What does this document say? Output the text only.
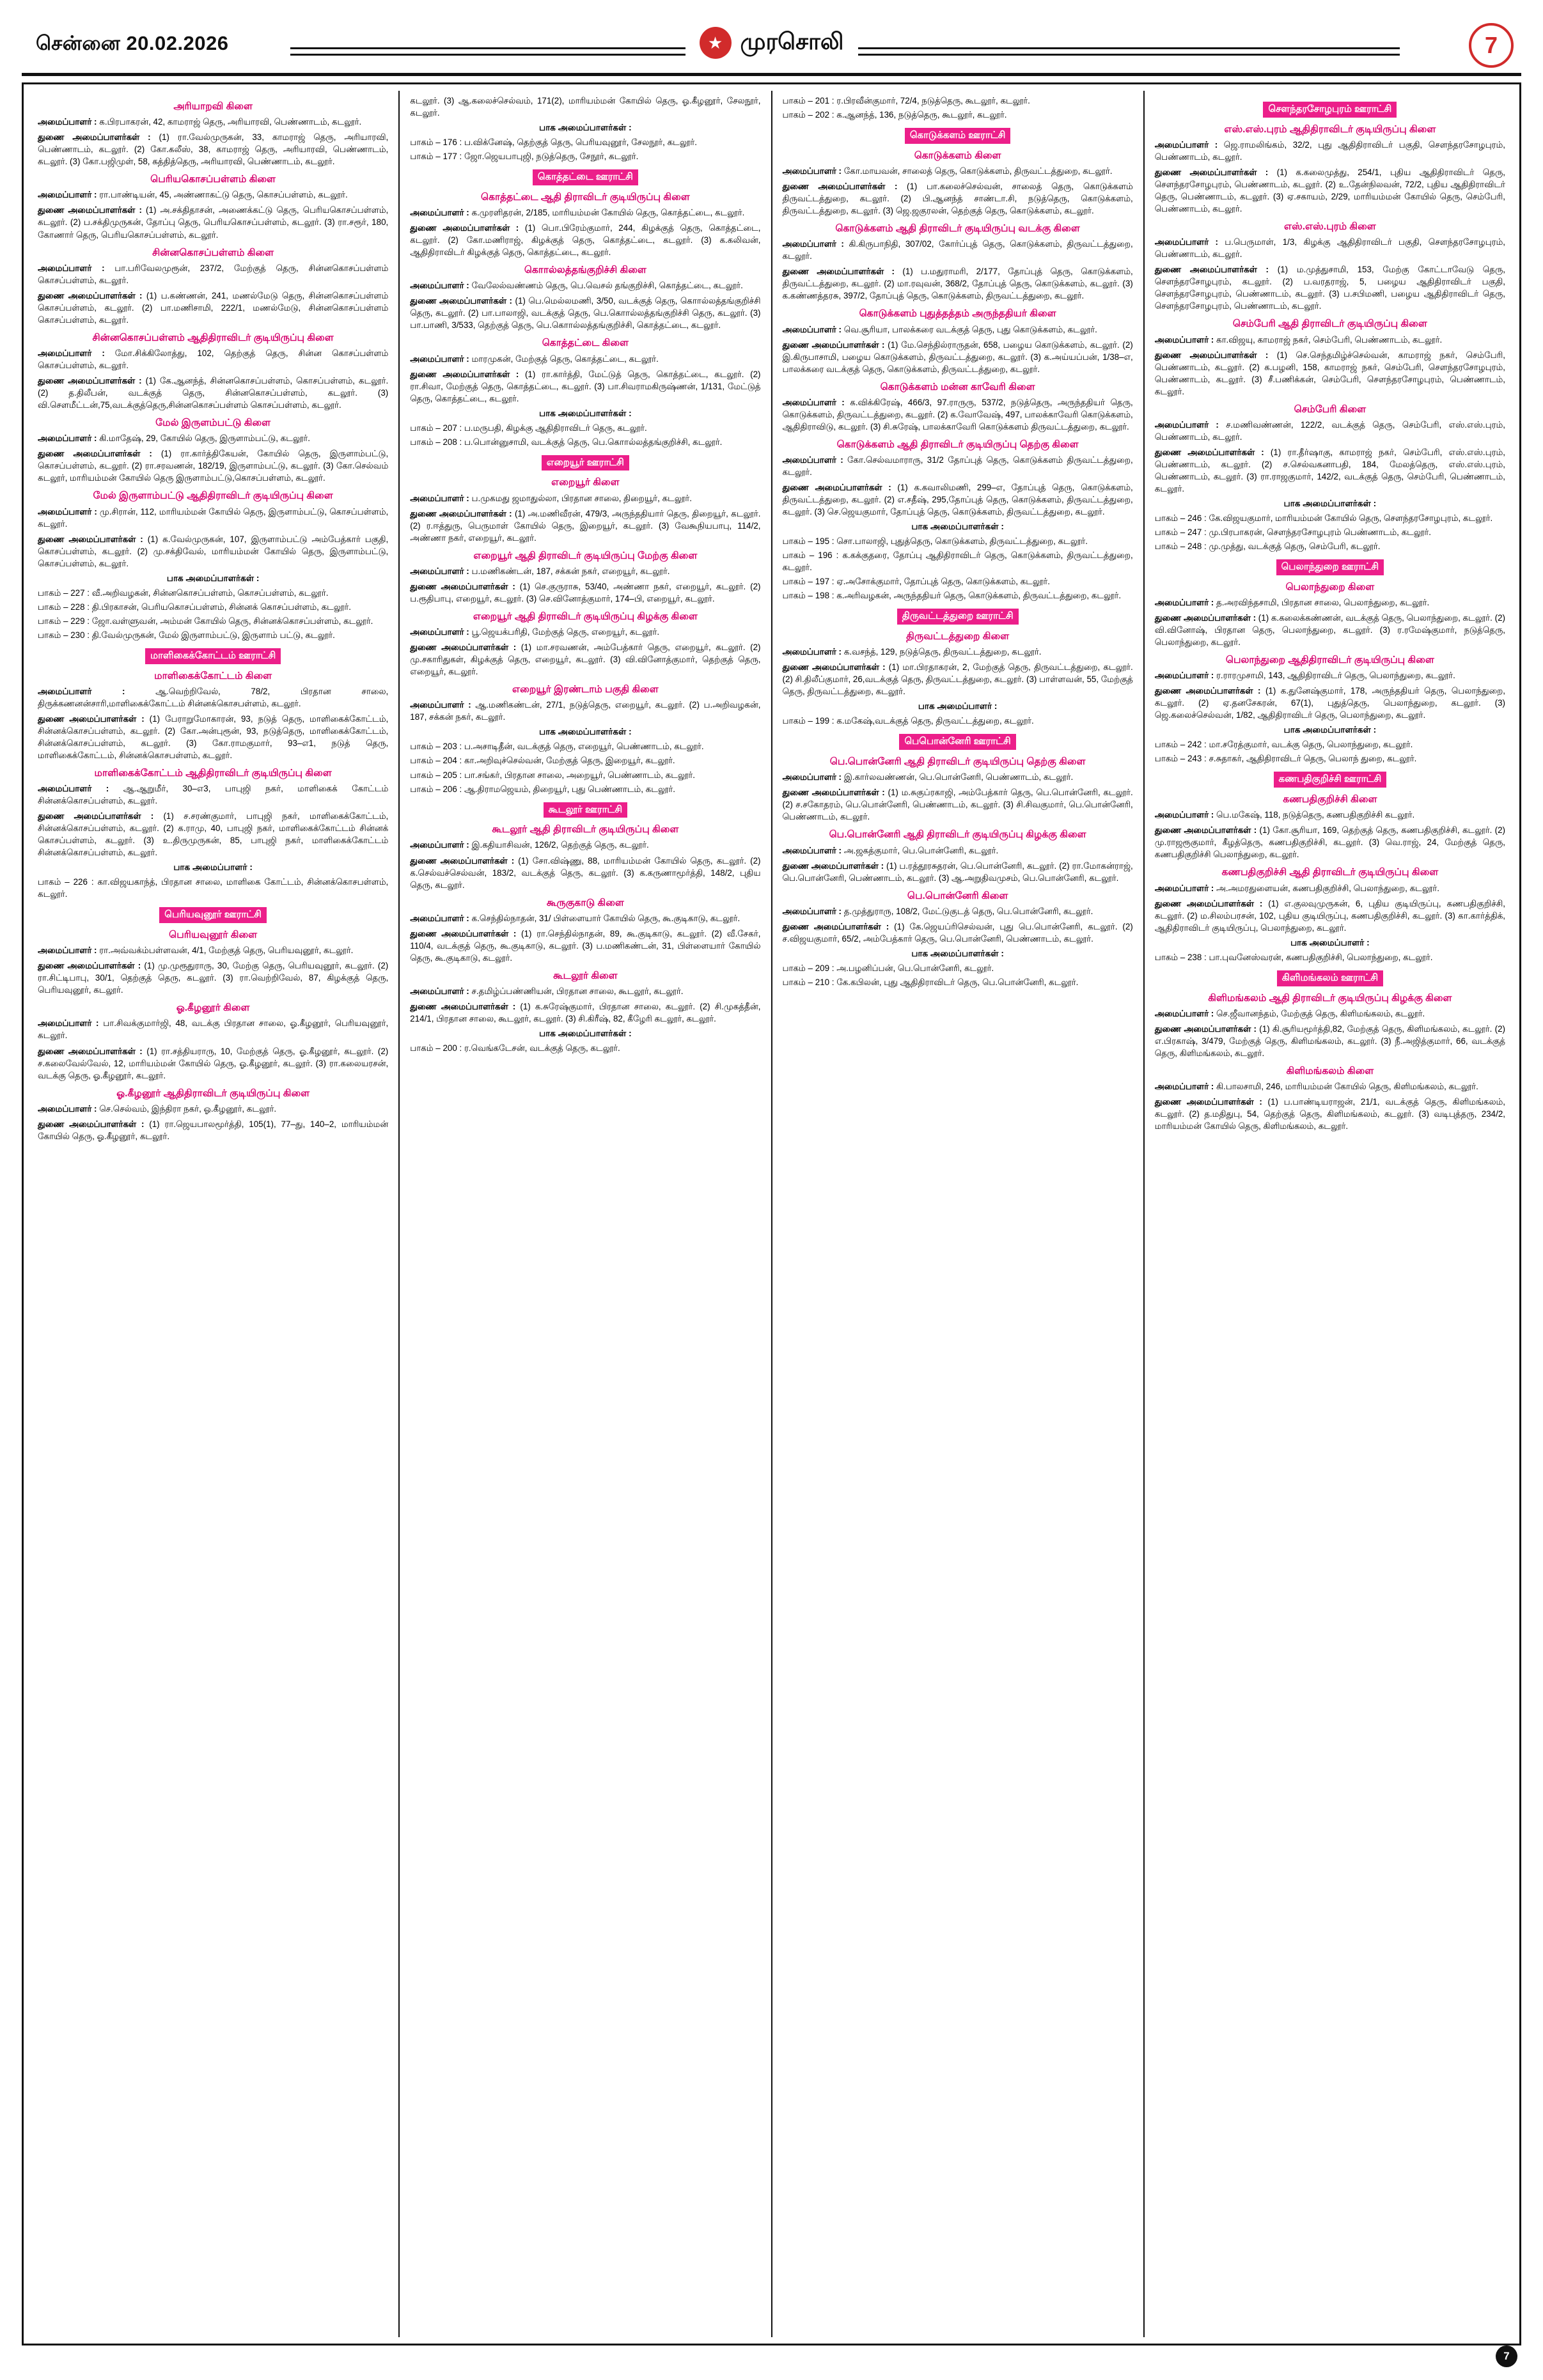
சென்னை 20.02.2026	★ முரசொலி	7
அரியாறவி கிளை

அமைப்பாளர் : க.பிரபாகரன், 42, காமராஜ் தெரு, அரியாரவி, பெண்ணாடம், கடலூர்.

துணை அமைப்பாளர்கள் : (1) ரா.வேல்முருகன், 33, காமராஜ் தெரு, அரியாரவி, பெண்ணாடம், கடலூர். (2) கோ.கலீஸ், 38, காமராஜ் தெரு, அரியாரவி, பெண்ணாடம், கடலூர். (3) கோ.பஜிமுள், 58, கத்தித்தெரு, அரியாரவி, பெண்ணாடம், கடலூர்.

பெரியகொசப்பள்ளம் கிளை

அமைப்பாளர் : ரா.பாண்டியன், 45, அண்ணாகட்டு தெரு, கொசப்பள்ளம், கடலூர்.

துணை அமைப்பாளர்கள் : (1) அ.சக்திதாசன், அணைக்கட்டு தெரு, பெரியகொசப்பள்ளம், கடலூர். (2) ப.சக்திமுருகன், தோப்பு தெரு, பெரியகொசப்பள்ளம், கடலூர். (3) ரா.சரூர், 180, கோணார் தெரு, பெரியகொசப்பள்ளம், கடலூர்.

சின்னகொசப்பள்ளம் கிளை

அமைப்பாளர் : பா.பரிவேலமுரூன், 237/2, மேற்குத் தெரு, சின்னகொசப்பள்ளம் கொசப்பள்ளம், கடலூர்.

துணை அமைப்பாளர்கள் : (1) ப.கண்ணன், 241, மணல்மேடு தெரு, சின்னகொசப்பள்ளம் கொசப்பள்ளம், கடலூர். (2) பா.மணிசாமி, 222/1, மணல்மேடு, சின்னகொசப்பள்ளம் கொசப்பள்ளம், கடலூர்.

சின்னகொசப்பள்ளம் ஆதிதிராவிடர் குடியிருப்பு கிளை

அமைப்பாளர் : மோ.சிக்கிலோத்து, 102, தெற்குத் தெரு, சின்ன கொசப்பள்ளம் கொசப்பள்ளம், கடலூர்.

துணை அமைப்பாளர்கள் : (1) கே.ஆனந்த், சின்னகொசப்பள்ளம், கொசப்பள்ளம், கடலூர். (2) த.திலீபன், வடக்குத் தெரு, சின்னகொசப்பள்ளம், கடலூர். (3) வி.சௌமீட்டன்,75,வடக்குத்தெரு,சின்னகொசப்பள்ளம் கொசப்பள்ளம், கடலூர்.

மேல் இருளம்பட்டு கிளை

அமைப்பாளர் : கி.மாதேஷ், 29, கோயில் தெரு, இருளாம்பட்டு, கடலூர்.

துணை அமைப்பாளர்கள் : (1) ரா.கார்த்திகேயன், கோயில் தெரு, இருளாம்பட்டு, கொசப்பள்ளம், கடலூர். (2) ரா.சரவணன், 182/19, இருளாம்பட்டு, கடலூர். (3) கோ.செல்வம் கடலூர், மாரியம்மன் கோயில் தெரு இருளாம்பட்டு,கொசப்பள்ளம், கடலூர்.

மேல் இருளாம்பட்டு ஆதிதிராவிடர் குடியிருப்பு கிளை

அமைப்பாளர் : மு.சிரான், 112, மாரியம்மன் கோயில் தெரு, இருளாம்பட்டு, கொசப்பள்ளம், கடலூர்.

துணை அமைப்பாளர்கள் : (1) க.வேல்முருகன், 107, இருளாம்பட்டு அம்பேத்கார் பகுதி, கொசப்பள்ளம், கடலூர். (2) மு.சக்திவேல், மாரியம்மன் கோயில் தெரு, இருளாம்பட்டு, கொசப்பள்ளம், கடலூர்.

பாக அமைப்பாளர்கள் :
பாகம் – 227 : வீ.அறிவழகன், சின்னகொசப்பள்ளம், கொசப்பள்ளம், கடலூர்.
பாகம் – 228 : தி.பிரகாசன், பெரியகொசப்பள்ளம், சின்னக் கொசப்பள்ளம், கடலூர்.
பாகம் – 229 : ஜோ.வள்ளுவன், அம்மன் கோயில் தெரு, சின்னக்கொசப்பள்ளம், கடலூர்.
பாகம் – 230 : தி.வேல்முருகன், மேல் இருளாம்பட்டு, இருளாம் பட்டு, கடலூர்.
மாளிகைக்கோட்டம் ஊராட்சி
மாளிகைக்கோட்டம் கிளை

அமைப்பாளர் :	ஆ.வெற்றிவேல், 78/2, பிரதான சாலை, திருக்கணனன்சாரி,மாளிகைக்கோட்டம் சின்னக்கொசபள்ளம், கடலூர்.

துணை அமைப்பாளர்கள் : (1) பேராறுமோகாரன், 93, நடுத் தெரு, மாளிகைக்கோட்டம், சின்னக்கொசப்பள்ளம், கடலூர். (2) கோ.அன்புரூன், 93, நடுத்தெரு, மாளிகைக்கோட்டம், சின்னக்கொசப்பள்ளம், கடலூர். (3) கோ.ராமகுமார், 93–எ1, நடுத் தெரு, மாளிகைக்கோட்டம், சின்னக்கொசபள்ளம், கடலூர்.

மாளிகைக்கோட்டம் ஆதிதிராவிடர் குடியிருப்பு கிளை

அமைப்பாளர் : ஆ.ஆறுமீர், 30–எ3, பாபுஜி நகர், மாளிகைக் கோட்டம் சின்னக்கொசப்பள்ளம், கடலூர்.

துணை அமைப்பாளர்கள் : (1) ச.சரண்குமார், பாபுஜி நகர், மாளிகைக்கோட்டம், சின்னக்கொசப்பள்ளம், கடலூர். (2) க.ராமு, 40, பாபுஜி நகர், மாளிகைக்கோட்டம் சின்னக் கொசப்பள்ளம், கடலூர். (3) உ.திருமுருகன், 85, பாபுஜி நகர், மாளிகைக்கோட்டம் சின்னக்கொசப்பள்ளம், கடலூர்.

பாக அமைப்பாளர் :
பாகம் – 226 : கா.விஜயகாந்த், பிரதான சாலை, மாளிகை கோட்டம், சின்னக்கொசபள்ளம், கடலூர்.
பெரியவுனூர் ஊராட்சி
பெரியவுனூர் கிளை

அமைப்பாளர் : ரா.அவ்வக்ம்பள்ளவன், 4/1, மேற்குத் தெரு, பெரியவுனூர், கடலூர்.

துணை அமைப்பாளர்கள் : (1) மு.முரூதுராரு, 30, மேற்கு தெரு, பெரியவுனூர், கடலூர். (2) ரா.சிட்டிபாபு, 30/1, தெற்குத் தெரு, கடலூர். (3) ரா.வெற்றிவேல், 87, கிழக்குத் தெரு, பெரியவுனூர், கடலூர்.

ஓ.கீழனூர் கிளை

அமைப்பாளர் : பா.சிவக்குமார்ஜி, 48, வடக்கு பிரதான சாலை, ஓ.கீழனூர், பெரியவுனூர், கடலூர்.

துணை அமைப்பாளர்கள் : (1) ரா.சத்தியராரு, 10, மேற்குத் தெரு, ஓ.கீழனூர், கடலூர். (2) ச.கலைவேல்வேல், 12, மாரியம்மன் கோயில் தெரு, ஓ.கீழனூர், கடலூர். (3) ரா.கலையரசன், வடக்கு தெரு, ஓ.கீழனூர், கடலூர்.

ஓ.கீழனூர் ஆதிதிராவிடர் குடியிருப்பு கிளை

அமைப்பாளர் : செ.செல்வம், இந்திரா நகர், ஓ.கீழனூர், கடலூர்.

துணை அமைப்பாளர்கள் : (1) ரா.ஜெயபாலமூர்த்தி, 105(1), 77–து, 140–2, மாரியம்மன் கோயில் தெரு, ஓ.கீழனூர், கடலூர்.

கடலூர். (3) ஆ.கலைச்செல்வம், 171(2), மாரியம்மன் கோயில் தெரு, ஓ.கீழனூர், சேலநூர், கடலூர்.

பாக அமைப்பாளர்கள் :
பாகம் – 176 : ப.விக்னேஷ், தெற்குத் தெரு, பெரியவுனூர், சேலநூர், கடலூர்.
பாகம் – 177 : ஜோ.ஜெயபாபுஜி, நடுத்தெரு, சேநூர், கடலூர்.
கொத்தட்டை ஊராட்சி
கொத்தட்டை ஆதி திராவிடர் குடியிருப்பு கிளை

அமைப்பாளர் : க.முரளிதரன், 2/185, மாரியம்மன் கோயில் தெரு, கொத்தட்டை, கடலூர்.

துணை அமைப்பாளர்கள் : (1) பொ.பிரேம்குமார், 244, கிழக்குத் தெரு, கொத்தட்டை, கடலூர். (2) கோ.மணிராஜ், கிழக்குத் தெரு, கொத்தட்டை, கடலூர். (3) க.கலிவன், ஆதிதிராவிடர் கிழக்குத் தெரு, கொத்தட்டை, கடலூர்.

கொால்லத்தங்குறிச்சி கிளை

அமைப்பாளர் : வேலேல்வண்ணம் தெரு, பெ.வெசல் தங்குறிச்சி, கொத்தட்டை, கடலூர்.

துணை அமைப்பாளர்கள் : (1) பெ.மெல்லமணி, 3/50, வடக்குத் தெரு, கொால்லத்தங்குறிச்சி தெரு, கடலூர். (2) பா.பாலாஜி, வடக்குத் தெரு, பெ.கொால்லத்தங்குறிச்சி தெரு, கடலூர். (3) பா.பாணி, 3/533, தெற்குத் தெரு, பெ.கொால்லத்தங்குறிச்சி, கொத்தட்டை, கடலூர்.

கொத்தட்டை கிளை

அமைப்பாளர் : மாரமுகன், மேற்குத் தெரு, கொத்தட்டை, கடலூர்.

துணை அமைப்பாளர்கள் : (1) ரா.கார்த்தி, மேட்டுத் தெரு, கொத்தட்டை, கடலூர். (2) ரா.சிவா, மேற்குத் தெரு, கொத்தட்டை, கடலூர். (3) பா.சிவராமகிருஷ்ணன், 1/131, மேட்டுத் தெரு, கொத்தட்டை, கடலூர்.

பாக அமைப்பாளர்கள் :
பாகம் – 207 : ப.மருபதி, கிழக்கு ஆதிதிராவிடர் தெரு, கடலூர்.
பாகம் – 208 : ப.பொன்னுசாமி, வடக்குத் தெரு, பெ.கொால்லத்தங்குறிச்சி, கடலூர்.
எறையூர் ஊராட்சி
எறையூர் கிளை

அமைப்பாளர் : ப.முகமது ஜமாதுல்லா, பிரதான சாலை, திறையூர், கடலூர்.

துணை அமைப்பாளர்கள் : (1) அ.மணிவீரன், 479/3, அருந்ததியார் தெரு, திறையூர், கடலூர். (2) ர.ஈத்துரு, பெருமாள் கோயில் தெரு, இறையூர், கடலூர். (3) வேகூநியபாபு, 114/2, அண்ணா நகர், எறையூர், கடலூர்.

எறையூர் ஆதி திராவிடர் குடியிருப்பு மேற்கு கிளை

அமைப்பாளர் : ப.மணிகண்டன், 187, சக்கன் நகர், எறையூர், கடலூர்.

துணை அமைப்பாளர்கள் : (1) செ.குருராசு, 53/40, அண்ணா நகர், எறையூர், கடலூர். (2) ப.ரூதிபாபு, எறையூர், கடலூர். (3) செ.வினோத்குமார், 174–பி, எறையூர், கடலூர்.

எறையூர் ஆதி திராவிடர் குடியிருப்பு கிழக்கு கிளை

அமைப்பாளர் : பூ.ஜெயக்பரிதி, மேற்குத் தெரு, எறையூர், கடலூர்.

துணை அமைப்பாளர்கள் : (1) மா.சரவணன், அம்பேத்கார் தெரு, எறையூர், கடலூர். (2) மு.சகாரிதுகள், கிழக்குத் தெரு, எறையூர், கடலூர். (3) வி.வினோத்குமார், தெற்குத் தெரு, எறையூர், கடலூர்.

எறையூர் இரண்டாம் பகுதி கிளை

அமைப்பாளர் : ஆ.மணிகண்டன், 27/1, நடுத்தெரு, எறையூர், கடலூர். (2) ப.அறிவழகன், 187, சக்கன் நகர், கடலூர்.

பாக அமைப்பாளர்கள் :
பாகம் – 203 : ப.அசாடிதீன், வடக்குத் தெரு, எறையூர், பெண்ணாடம், கடலூர்.
பாகம் – 204 : கா.அறிவுச்செல்வன், மேற்குத் தெரு, இறையூர், கடலூர்.
பாகம் – 205 : பா.சங்கர், பிரதான சாலை, அறையூர், பெண்ணாடம், கடலூர்.
பாகம் – 206 : ஆ.திராமஜெயம், திறையூர், புது பெண்ணாடம், கடலூர்.
கூடலூர் ஊராட்சி
கூடலூர் ஆதி திராவிடர் குடியிருப்பு கிளை

அமைப்பாளர் : இ.கதியாசிவன், 126/2, தெற்குத் தெரு, கடலூர்.

துணை அமைப்பாளர்கள் : (1) சோ.விஷ்ணு, 88, மாரியம்மன் கோயில் தெரு, கடலூர். (2) க.செல்வச்செல்வன், 183/2, வடக்குத் தெரு, கடலூர். (3) க.கருணாமூர்த்தி, 148/2, புதிய தெரு, கடலூர்.

கூருகுகாடு கிளை

அமைப்பாளர் : க.செந்தில்நாதன், 31/ பிள்ளையார் கோயில் தெரு, கூ.குடிகாடு, கடலூர்.

துணை அமைப்பாளர்கள் : (1) ரா.செந்தில்நாதன், 89, கூ.குடிகாடு, கடலூர். (2) வீ.சேகர், 110/4, வடக்குத் தெரு, கூ.குடிகாடு, கடலூர். (3) ப.மணிகண்டன், 31, பிள்ளையார் கோயில் தெரு, கூ.குடிகாடு, கடலூர்.

கூடலூர் கிளை

அமைப்பாளர் : ச.தமிழ்ப்பண்ணியன், பிரதான சாலை, கூடலூர், கடலூர்.

துணை அமைப்பாளர்கள் : (1) க.சுரேஷ்குமார், பிரதான சாலை, கடலூர். (2) சி.முகத்தீன், 214/1, பிரதான சாலை, கூடலூர், கடலூர். (3) சி.கிரீஷ், 82, கீழேரி கடலூர், கடலூர்.

பாக அமைப்பாளர்கள் :
பாகம் – 200 : ர.வெங்கடேசன், வடக்குத் தெரு, கடலூர்.
பாகம் – 201 : ர.பிரவீன்குமார், 72/4, நடுத்தெரு, கூடலூர், கடலூர்.
பாகம் – 202 : க.ஆனந்த், 136, நடுத்தெரு, கூடலூர், கடலூர்.
கொடுக்களம் ஊராட்சி
கொடுக்களம் கிளை

அமைப்பாளர் : கோ.மாயவன், சாலைத் தெரு, கொடுக்களம், திருவட்டத்துறை, கடலூர்.

துணை அமைப்பாளர்கள் : (1) பா.கலைச்செல்வன், சாலைத் தெரு, கொடுக்களம் திருவட்டத்துறை, கடலூர். (2) பி.ஆனந்த் சாண்டா.சி, நடுத்தெரு, கொடுக்களம், திருவட்டத்துறை, கடலூர். (3) ஜெ.ஜகுரலன், தெற்குத் தெரு, கொடுக்களம், கடலூர்.

கொடுக்களம் ஆதி திராவிடர் குடியிருப்பு வடக்கு கிளை

அமைப்பாளர் : கி.கிருபாநிதி, 307/02, கோர்ப்புத் தெரு, கொடுக்களம், திருவட்டத்துறை, கடலூர்.

துணை அமைப்பாளர்கள் : (1) ப.மதுராமரி, 2/177, தோப்புத் தெரு, கொடுக்களம், திருவட்டத்துறை, கடலூர். (2) மா.ரவுவன், 368/2, தோப்புத் தெரு, கொடுக்களம், கடலூர். (3) க.கண்ணத்தரசு, 397/2, தோப்புத் தெரு, கொடுக்களம், திருவட்டத்துறை, கடலூர்.

கொடுக்களம் புதுத்தத்தம் அருந்ததியர் கிளை

அமைப்பாளர் : வெ.சூரியா, பாலக்கரை வடக்குத் தெரு, புது கொடுக்களம், கடலூர்.

துணை அமைப்பாளர்கள் : (1) மே.செந்தில்ராருதன், 658, பழைய கொடுக்களம், கடலூர். (2) இ.கிருபாசாமி, பழைய கொடுக்களம், திருவட்டத்துறை, கடலூர். (3) க.அய்யப்பன், 1/38–எ, பாலக்கரை வடக்குத் தெரு, கொடுக்களம், திருவட்டத்துறை, கடலூர்.

கொடுக்களம் மன்ன காவேரி கிளை

அமைப்பாளர் : க.விக்கிரேஷ், 466/3, 97.ராருரு, 537/2, நடுத்தெரு, அருந்ததியர் தெரு, கொடுக்களம், திருவட்டத்துறை, கடலூர். (2) க.வோவேஷ், 497, பாலக்காவேரி கொடுக்களம், ஆதிதிராவிடு, கடலூர். (3) சி.சுரேஷ், பாலக்காவேரி கொடுக்களம் திருவட்டத்துறை, கடலூர்.

கொடுக்களம் ஆதி திராவிடர் குடியிருப்பு தெற்கு கிளை

அமைப்பாளர் : கோ.செல்வமாராரு, 31/2 தோப்புத் தெரு, கொடுக்களம் திருவட்டத்துறை, கடலூர்.

துணை அமைப்பாளர்கள் : (1) க.கவாலிமணி, 299–எ, தோப்புத் தெரு, கொடுக்களம், திருவட்டத்துறை, கடலூர். (2) எ.சதீஷ், 295,தோப்புத் தெரு, கொடுக்களம், திருவட்டத்துறை, கடலூர். (3) செ.ஜெயகுமார், தோப்புத் தெரு, கொடுக்களம், திருவட்டத்துறை, கடலூர்.

பாக அமைப்பாளர்கள் :
பாகம் – 195 : சொ.பாலாஜி, புதுத்தெரு, கொடுக்களம், திருவட்டத்துறை, கடலூர்.
பாகம் – 196 : க.கக்குதரை, தோப்பு ஆதிதிராவிடர் தெரு, கொடுக்களம், திருவட்டத்துறை, கடலூர்.
பாகம் – 197 : ஏ.அசோக்குமார், தோப்புத் தெரு, கொடுக்களம், கடலூர்.
பாகம் – 198 : க.அரிவழகன், அருந்ததியர் தெரு, கொடுக்களம், திருவட்டத்துறை, கடலூர்.
திருவட்டத்துறை ஊராட்சி
திருவட்டத்துறை கிளை

அமைப்பாளர் : க.வசந்த், 129, நடுத்தெரு, திருவட்டத்துறை, கடலூர்.

துணை அமைப்பாளர்கள் : (1) மா.பிரதாகரன், 2, மேற்குத் தெரு, திருவட்டத்துறை, கடலூர். (2) சி.திலீப்குமார், 26,வடக்குத் தெரு, திருவட்டத்துறை, கடலூர். (3) பாள்ளவன், 55, மேற்குத் தெரு, திருவட்டத்துறை, கடலூர்.

பாக அமைப்பாளர் :
பாகம் – 199 : க.மகேஷ்,வடக்குத் தெரு, திருவட்டத்துறை, கடலூர்.
பெபொன்னேரி ஊராட்சி
பெ.பொன்னேரி ஆதி திராவிடர் குடியிருப்பு தெற்கு கிளை

அமைப்பாளர் : இ.கார்லவண்ணன், பெ.பொன்னேரி, பெண்ணாடம், கடலூர்.

துணை அமைப்பாளர்கள் : (1) ம.சுகுப்ரகாஜி, அம்பேத்கார் தெரு, பெ.பொன்னேரி, கடலூர். (2) ச.சகோதரம், பெ.பொன்னேரி, பெண்ணாடம், கடலூர். (3) சி.சிவகுமார், பெ.பொன்னேரி, பெண்ணாடம், கடலூர்.

பெ.பொன்னேரி ஆதி திராவிடர் குடியிருப்பு கிழக்கு கிளை

அமைப்பாளர் : அ.ஜகத்குமார், பெ.பொன்னேரி, கடலூர்.

துணை அமைப்பாளர்கள் : (1) ப.ரத்தூரசுதரன், பெ.பொன்னேரி, கடலூர். (2) ரா.மோகன்ராஜ், பெ.பொன்னேரி, பெண்ணாடம், கடலூர். (3) ஆ.அறுதிவமுசம், பெ.பொன்னேரி, கடலூர்.

பெ.பொன்னேரி கிளை

அமைப்பாளர் : த.முத்துராரு, 108/2, மேட்டுகுடத் தெரு, பெ.பொன்னேரி, கடலூர்.

துணை அமைப்பாளர்கள் : (1) கே.ஜெயப்ரிசெல்வன், புது பெ.பொன்னேரி, கடலூர். (2) ச.விஜயகுமார், 65/2, அம்பேத்கார் தெரு, பெ.பொன்னேரி, பெண்ணாடம், கடலூர்.

பாக அமைப்பாளர்கள் :
பாகம் – 209 : அ.பழனிப்பன், பெ.பொன்னேரி, கடலூர்.
பாகம் – 210 : கே.கபிலன், புது ஆதிதிராவிடர் தெரு, பெ.பொன்னேரி, கடலூர்.
சௌந்தரசோழபுரம் ஊராட்சி
எஸ்.எஸ்.புரம் ஆதிதிராவிடர் குடியிருப்பு கிளை

அமைப்பாளர் : ஜெ.ராமலிங்கம், 32/2, புது ஆதிதிராவிடர் பகுதி, செளந்தரசோழபுரம், பெண்ணாடம், கடலூர்.

துணை அமைப்பாளர்கள் : (1) க.கலைமுத்து, 254/1, புதிய ஆதிதிராவிடர் தெரு, சௌந்தரசோழபுரம், பெண்ணாடம், கடலூர். (2) உ.தேன்நிலவன், 72/2, புதிய ஆதிதிராவிடர் தெரு, பெண்ணாடம், கடலூர். (3) ஏ.சகாயம், 2/29, மாரியம்மன் கோயில் தெரு, செம்பேரி, பெண்ணாடம், கடலூர்.

எஸ்.எஸ்.புரம் கிளை

அமைப்பாளர் : ப.பெருமாள், 1/3, கிழக்கு ஆதிதிராவிடர் பகுதி, சௌந்தரசோழபுரம், பெண்ணாடம், கடலூர்.

துணை அமைப்பாளர்கள் : (1) ம.முத்துசாமி, 153, மேற்கு கோட்டாவேடு தெரு, சௌந்தரசோழபுரம், கடலூர். (2) ப.வரதராஜ், 5, பழைய ஆதிதிராவிடர் பகுதி, சௌந்தரசோழபுரம், பெண்ணாடம், கடலூர். (3) ப.சபிமணி, பழைய ஆதிதிராவிடர் தெரு, சௌந்தரசோழபுரம், பெண்ணாடம், கடலூர்.

செம்பேரி ஆதி திராவிடர் குடியிருப்பு கிளை

அமைப்பாளர் : கா.விஜயு, காமராஜ் நகர், செம்பேரி, பெண்ணாடம், கடலூர்.

துணை அமைப்பாளர்கள் : (1) செ.செந்தமிழ்ச்செல்வன், காமராஜ் நகர், செம்பேரி, பெண்ணாடம், கடலூர். (2) க.பழனி, 158, காமராஜ் நகர், செம்பேரி, சௌந்தரசோழபுரம், பெண்ணாடம், கடலூர். (3) சீ.பணிக்கன், செம்பேரி, சௌந்தரசோழபுரம், பெண்ணாடம், கடலூர்.

செம்பேரி கிளை

அமைப்பாளர் : ச.மணிவண்ணன், 122/2, வடக்குத் தெரு, செம்பேரி, எஸ்.எஸ்.புரம், பெண்ணாடம், கடலூர்.

துணை அமைப்பாளர்கள் : (1) ரா.தீர்ஷாகு, காமராஜ் நகர், செம்பேரி, எஸ்.எஸ்.புரம், பெண்ணாடம், கடலூர். (2) ச.செல்வகனாபதி, 184, மேலத்தெரு, எஸ்.எஸ்.புரம், பெண்ணாடம், கடலூர். (3) ரா.ராஜகுமார், 142/2, வடக்குத் தெரு, செம்பேரி, பெண்ணாடம், கடலூர்.

பாக அமைப்பாளர்கள் :
பாகம் – 246 : கே.விஜயகுமார், மாரியம்மன் கோயில் தெரு, சௌந்தரசோழபுரம், கடலூர்.
பாகம் – 247 : மு.பிரபாகரன், சௌந்தரசோழபுரம் பெண்ணாடம், கடலூர்.
பாகம் – 248 : மு.முத்து, வடக்குத் தெரு, செம்பேரி, கடலூர்.
பெலாந்துறை ஊராட்சி
பெலாந்துறை கிளை

அமைப்பாளர் : த.அரவிந்தசாமி, பிரதான சாலை, பெலாந்துறை, கடலூர்.

துணை அமைப்பாளர்கள் : (1) க.கலைக்கண்ணன், வடக்குத் தெரு, பெலாந்துறை, கடலூர். (2) வி.வினோஷ், பிரதான தெரு, பெலாந்துறை, கடலூர். (3) ர.ரமேஷ்குமார், நடுத்தெரு, பெலாந்துறை, கடலூர்.

பெலாந்துறை ஆதிதிராவிடர் குடியிருப்பு கிளை

அமைப்பாளர் : ர.ராரமுசாமி, 143, ஆதிதிராவிடர் தெரு, பெலாந்துறை, கடலூர்.

துணை அமைப்பாளர்கள் : (1) க.துனேஷ்குமார், 178, அருந்ததியர் தெரு, பெலாந்துறை, கடலூர். (2) ஏ.தனசேகரன், 67(1), புதுத்தெரு, பெலாந்துறை, கடலூர். (3) ஜெ.கலைச்செல்வன், 1/82, ஆதிதிராவிடர் தெரு, பெலாந்துறை, கடலூர்.

பாக அமைப்பாளர்கள் :
பாகம் – 242 : மா.சரேத்குமார், வடக்கு தெரு, பெலாந்துறை, கடலூர்.
பாகம் – 243 : ச.சுதாகர், ஆதிதிராவிடர் தெரு, பெலாந் துறை, கடலூர்.
கணபதிகுறிச்சி ஊராட்சி
கணபதிகுறிச்சி கிளை

அமைப்பாளர் : பெ.மகேஷ், 118, நடுத்தெரு, கணபதிகுறிச்சி கடலூர்.

துணை அமைப்பாளர்கள் : (1) கோ.சூரியா, 169, தெற்குத் தெரு, கணபதிகுறிச்சி, கடலூர். (2) மு.ராஜரூகுமார், கீழத்தெரு, கணபதிகுறிச்சி, கடலூர். (3) வெ.ராஜ், 24, மேற்குத் தெரு, கணபதிகுறிச்சி பெலாந்துறை, கடலூர்.

கணபதிகுறிச்சி ஆதி திராவிடர் குடியிருப்பு கிளை

அமைப்பாளர் : அ.அமரதுளையன், கணபதிகுறிச்சி, பெலாந்துறை, கடலூர்.

துணை அமைப்பாளர்கள் : (1) எ.குலவுமுருகன், 6, புதிய குடியிருப்பு, கணபதிகுறிச்சி, கடலூர். (2) ம.சிலம்பரசன், 102, புதிய குடியிருப்பு, கணபதிகுறிச்சி, கடலூர். (3) கா.கார்த்திக், ஆதிதிராவிடர் குடியிருப்பு, பெலாந்துறை, கடலூர்.

பாக அமைப்பாளர் :
பாகம் – 238 : பா.புவனேஸ்வரன், கணபதிகுறிச்சி, பெலாந்துறை, கடலூர்.
கிளிமங்கலம் ஊராட்சி
கிளிமங்கலம் ஆதி திராவிடர் குடியிருப்பு கிழக்கு கிளை

அமைப்பாளர் : செ.ஜீவானந்தம், மேற்குத் தெரு, கிளிமங்கலம், கடலூர்.

துணை அமைப்பாளர்கள் : (1) கி.சூரியமூர்த்தி,82, மேற்குத் தெரு, கிளிமங்கலம், கடலூர். (2) எ.பிரகாஷ், 3/479, மேற்குத் தெரு, கிளிமங்கலம், கடலூர். (3) நீ.அஜித்குமார், 66, வடக்குத் தெரு, கிளிமங்கலம், கடலூர்.

கிளிமங்கலம் கிளை

அமைப்பாளர் : கி.பாலசாமி, 246, மாரியம்மன் கோயில் தெரு, கிளிமங்கலம், கடலூர்.

துணை அமைப்பாளர்கள் : (1) ப.பாண்டியராஜன், 21/1, வடக்குத் தெரு, கிளிமங்கலம், கடலூர். (2) த.மதிதுபு, 54, தெற்குத் தெரு, கிளிமங்கலம், கடலூர். (3) வடிபுத்தரு, 234/2, மாரியம்மன் கோயில் தெரு, கிளிமங்கலம், கடலூர்.

7
